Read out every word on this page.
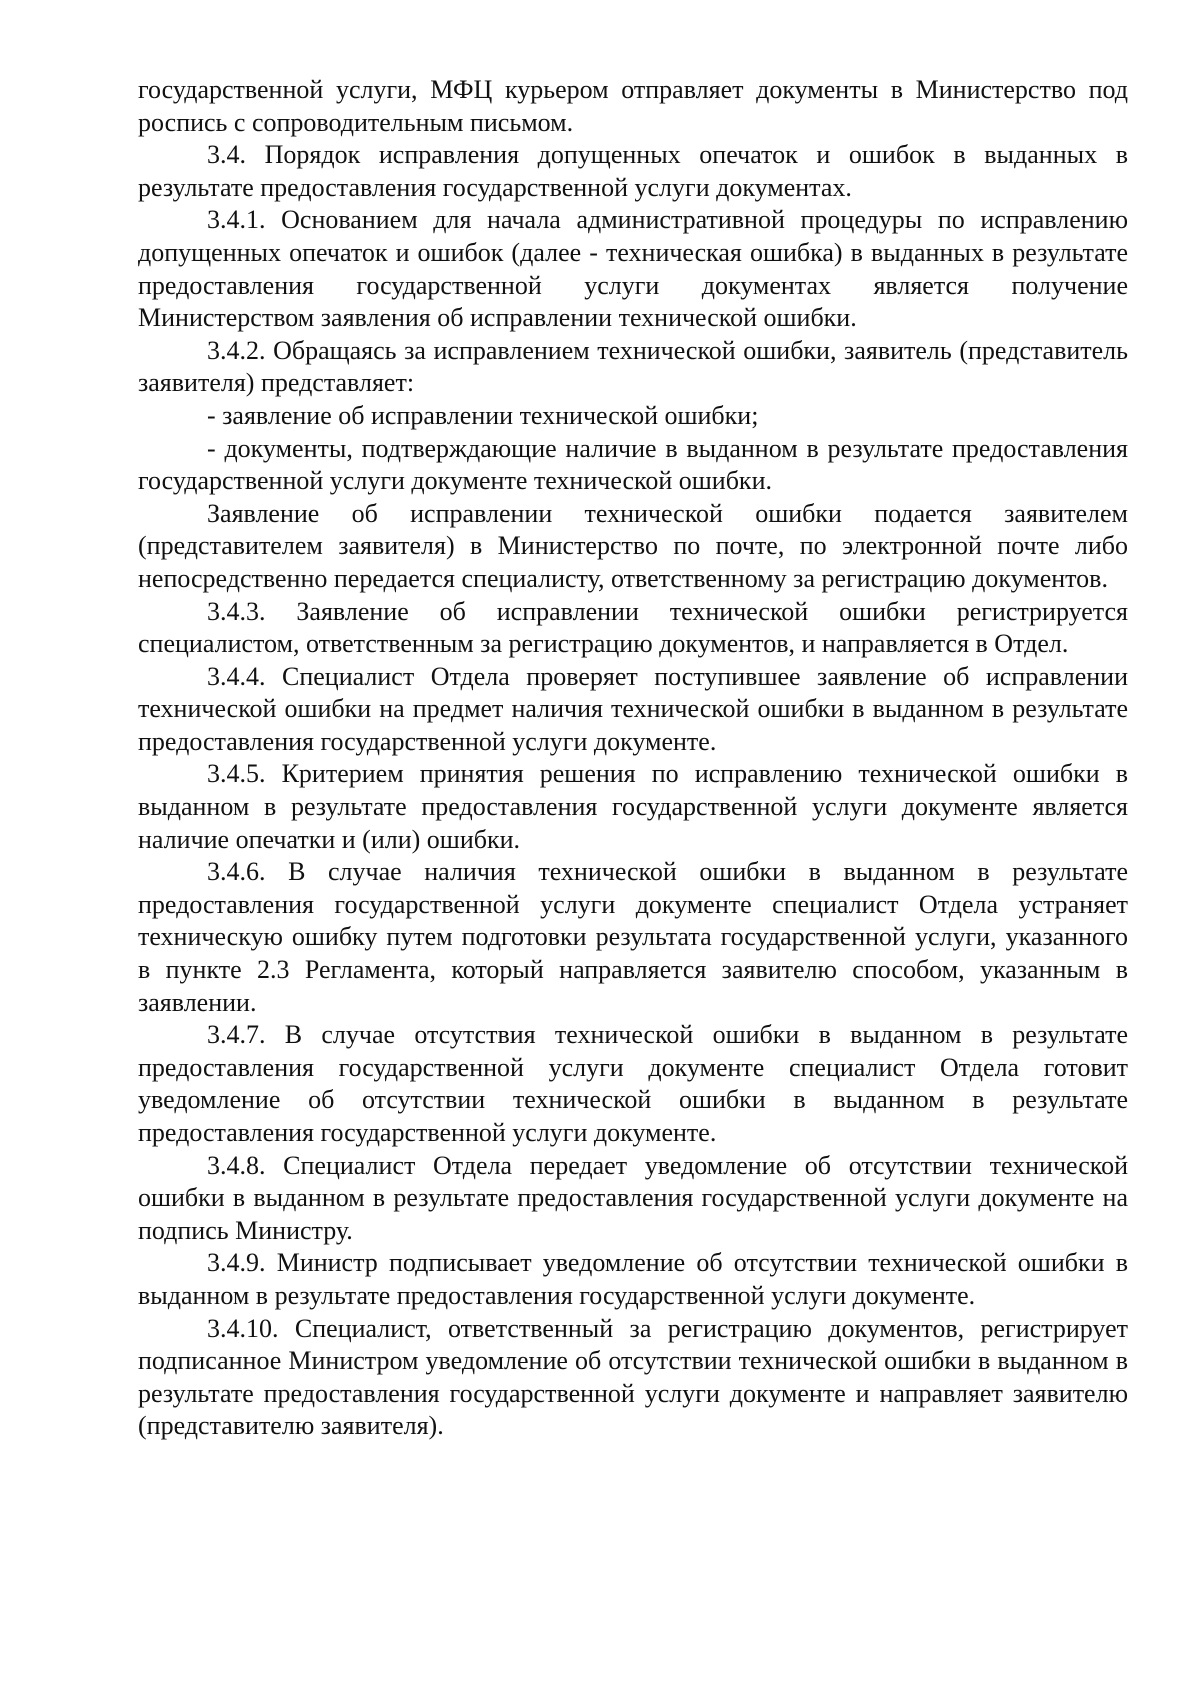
государственной услуги, МФЦ курьером отправляет документы в Министерство под роспись с сопроводительным письмом.

3.4. Порядок исправления допущенных опечаток и ошибок в выданных в результате предоставления государственной услуги документах.

3.4.1. Основанием для начала административной процедуры по исправлению допущенных опечаток и ошибок (далее - техническая ошибка) в выданных в результате предоставления государственной услуги документах является получение Министерством заявления об исправлении технической ошибки.

3.4.2. Обращаясь за исправлением технической ошибки, заявитель (представитель заявителя) представляет:

- заявление об исправлении технической ошибки;

- документы, подтверждающие наличие в выданном в результате предоставления государственной услуги документе технической ошибки.

Заявление об исправлении технической ошибки подается заявителем (представителем заявителя) в Министерство по почте, по электронной почте либо непосредственно передается специалисту, ответственному за регистрацию документов.

3.4.3. Заявление об исправлении технической ошибки регистрируется специалистом, ответственным за регистрацию документов, и направляется в Отдел.

3.4.4. Специалист Отдела проверяет поступившее заявление об исправлении технической ошибки на предмет наличия технической ошибки в выданном в результате предоставления государственной услуги документе.

3.4.5. Критерием принятия решения по исправлению технической ошибки в выданном в результате предоставления государственной услуги документе является наличие опечатки и (или) ошибки.

3.4.6. В случае наличия технической ошибки в выданном в результате предоставления государственной услуги документе специалист Отдела устраняет техническую ошибку путем подготовки результата государственной услуги, указанного в пункте 2.3 Регламента, который направляется заявителю способом, указанным в заявлении.

3.4.7. В случае отсутствия технической ошибки в выданном в результате предоставления государственной услуги документе специалист Отдела готовит уведомление об отсутствии технической ошибки в выданном в результате предоставления государственной услуги документе.

3.4.8. Специалист Отдела передает уведомление об отсутствии технической ошибки в выданном в результате предоставления государственной услуги документе на подпись Министру.

3.4.9. Министр подписывает уведомление об отсутствии технической ошибки в выданном в результате предоставления государственной услуги документе.

3.4.10. Специалист, ответственный за регистрацию документов, регистрирует подписанное Министром уведомление об отсутствии технической ошибки в выданном в результате предоставления государственной услуги документе и направляет заявителю (представителю заявителя).
